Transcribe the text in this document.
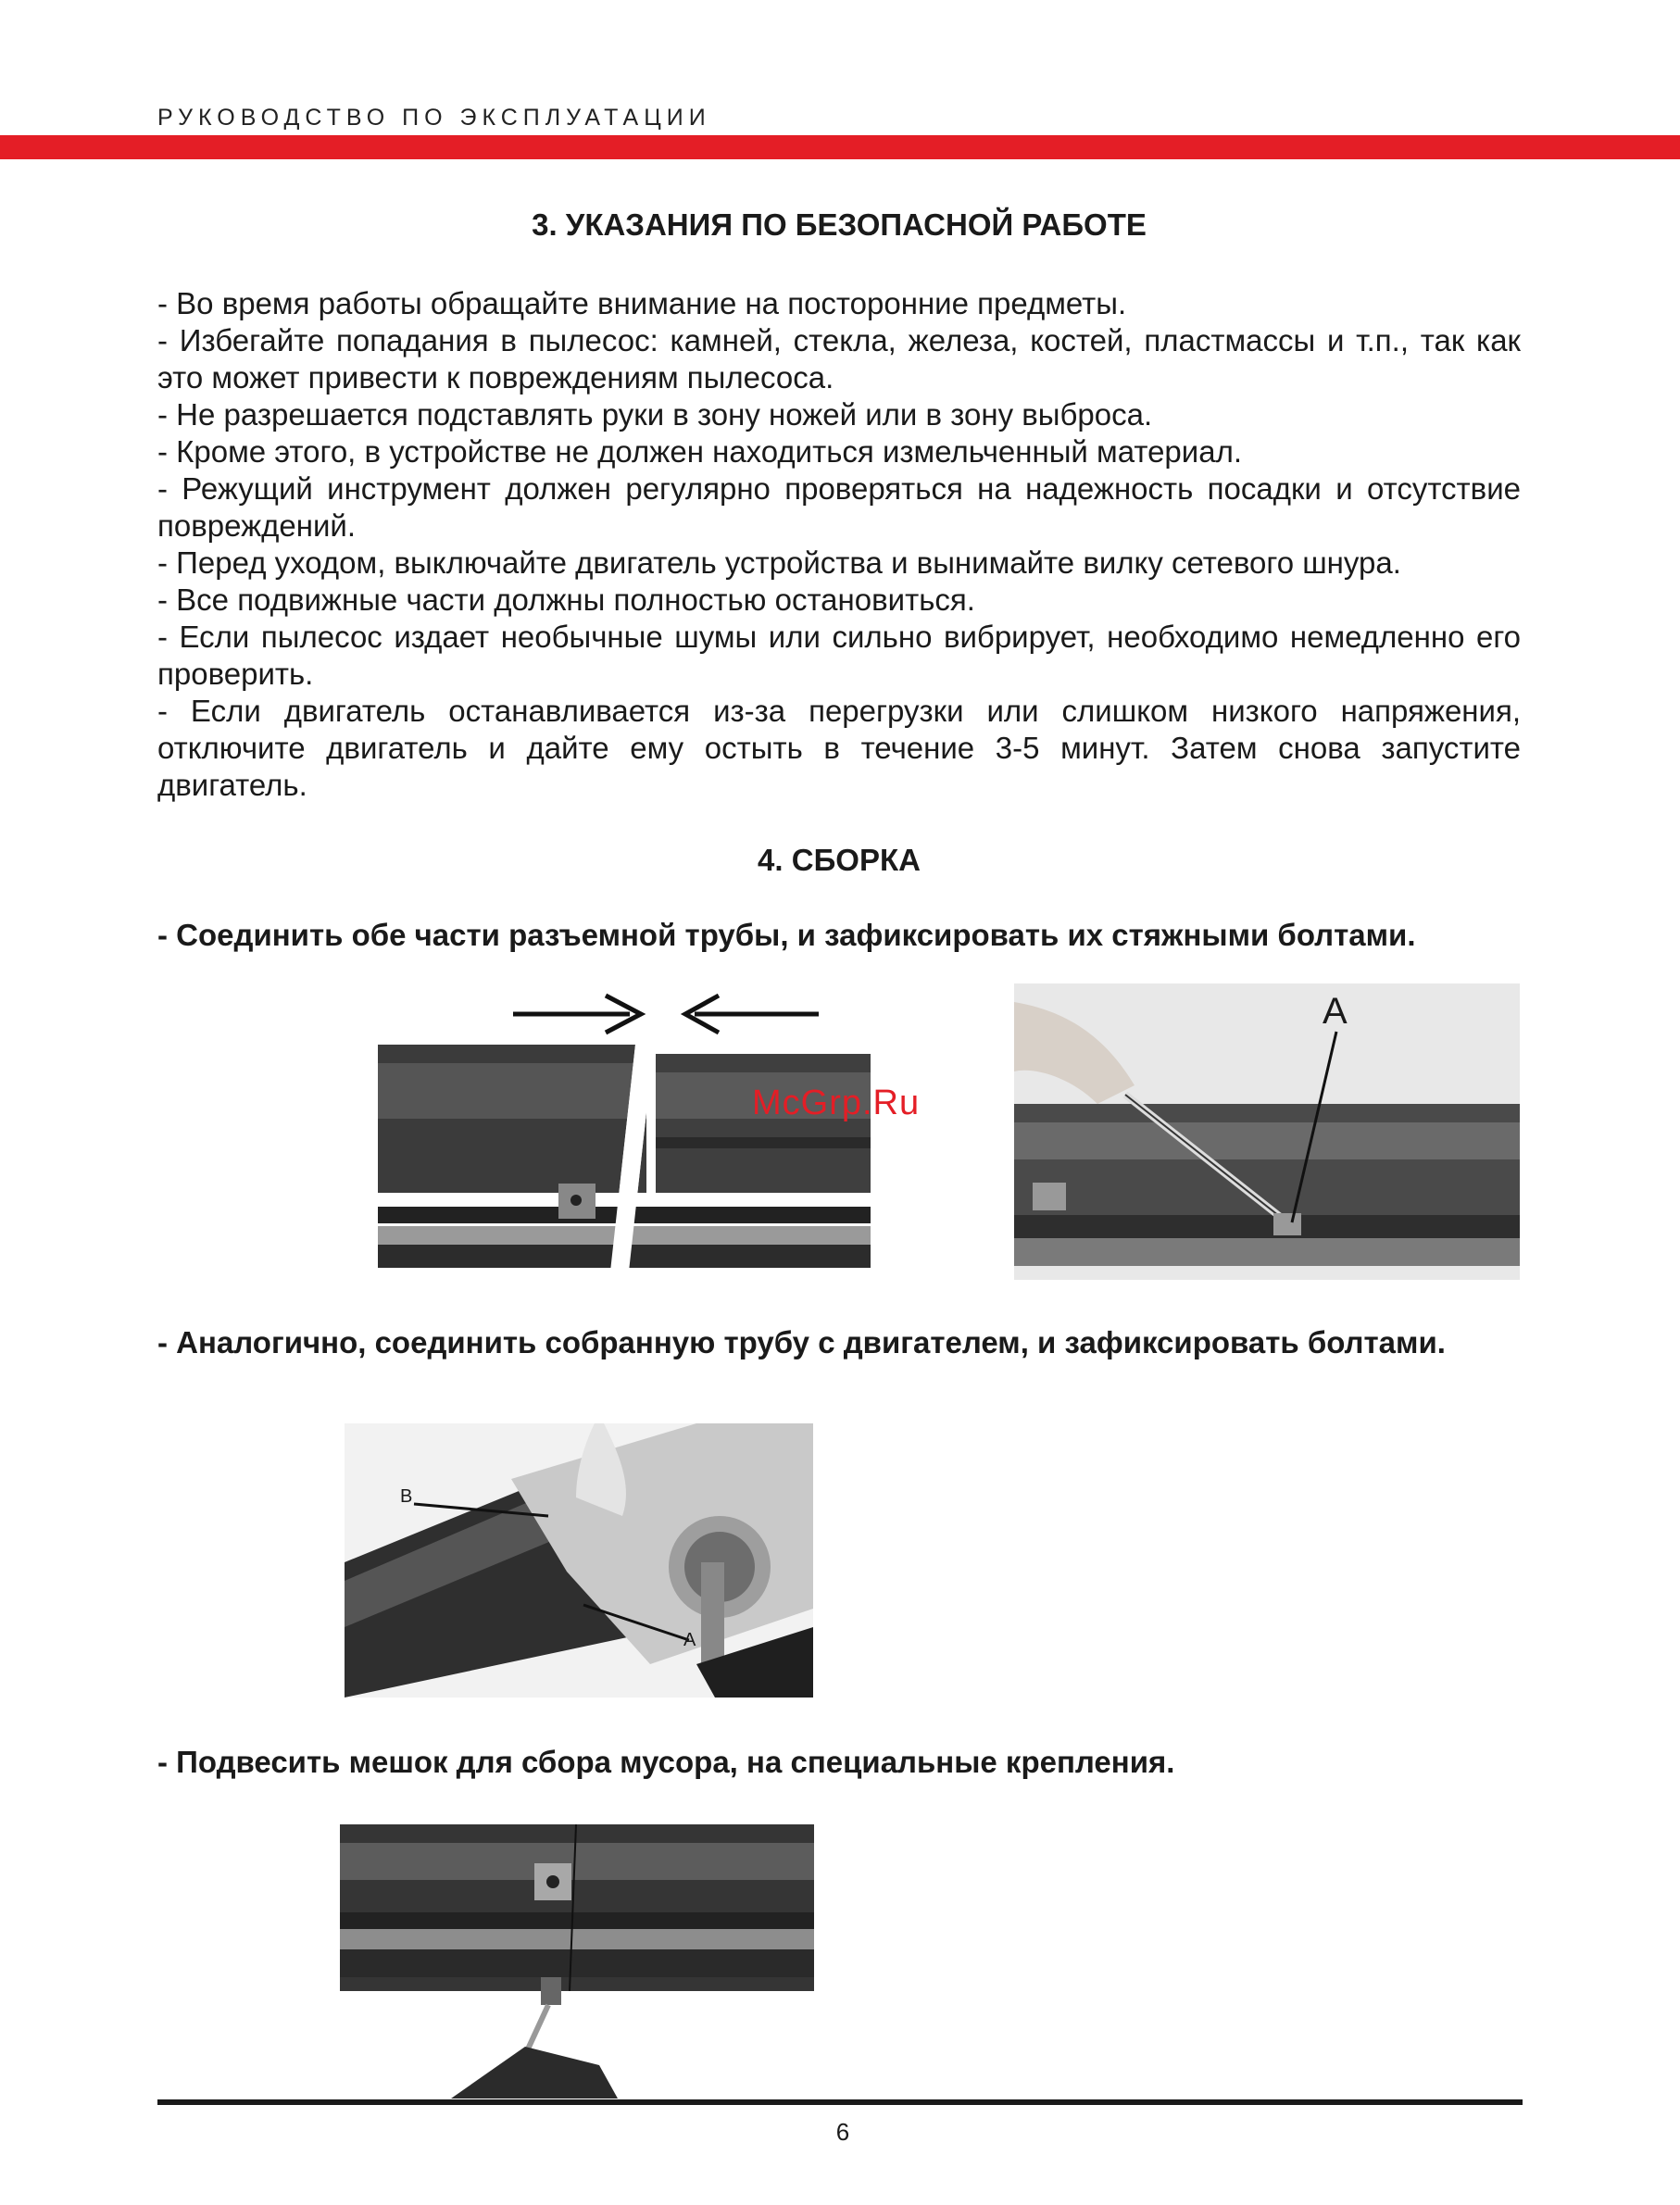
РУКОВОДСТВО ПО ЭКСПЛУАТАЦИИ
3. УКАЗАНИЯ ПО БЕЗОПАСНОЙ РАБОТЕ

- Во время работы обращайте внимание на посторонние предметы.

- Избегайте попадания в пылесос: камней, стекла, железа, костей, пластмассы и т.п., так как это может привести к повреждениям пылесоса.

- Не разрешается подставлять руки в зону ножей или в зону выброса.

- Кроме этого, в устройстве не должен находиться измельченный материал.

- Режущий инструмент должен регулярно проверяться на надежность посадки и отсутствие повреждений.

- Перед уходом, выключайте двигатель устройства и вынимайте вилку сетевого шнура.

- Все подвижные части должны полностью остановиться.

- Если пылесос издает необычные шумы или сильно вибрирует, необходимо немедленно его проверить.

- Если двигатель останавливается из-за перегрузки или слишком низкого напряжения, отключите двигатель и дайте ему остыть в течение 3-5 минут. Затем снова запустите двигатель.

4. СБОРКА
- Соединить обе части разъемной трубы, и зафиксировать их стяжными болтами.
A
McGrp.Ru
- Аналогично, соединить собранную трубу с двигателем, и зафиксировать болтами.
B
A
- Подвесить мешок для сбора мусора, на специальные крепления.
6
